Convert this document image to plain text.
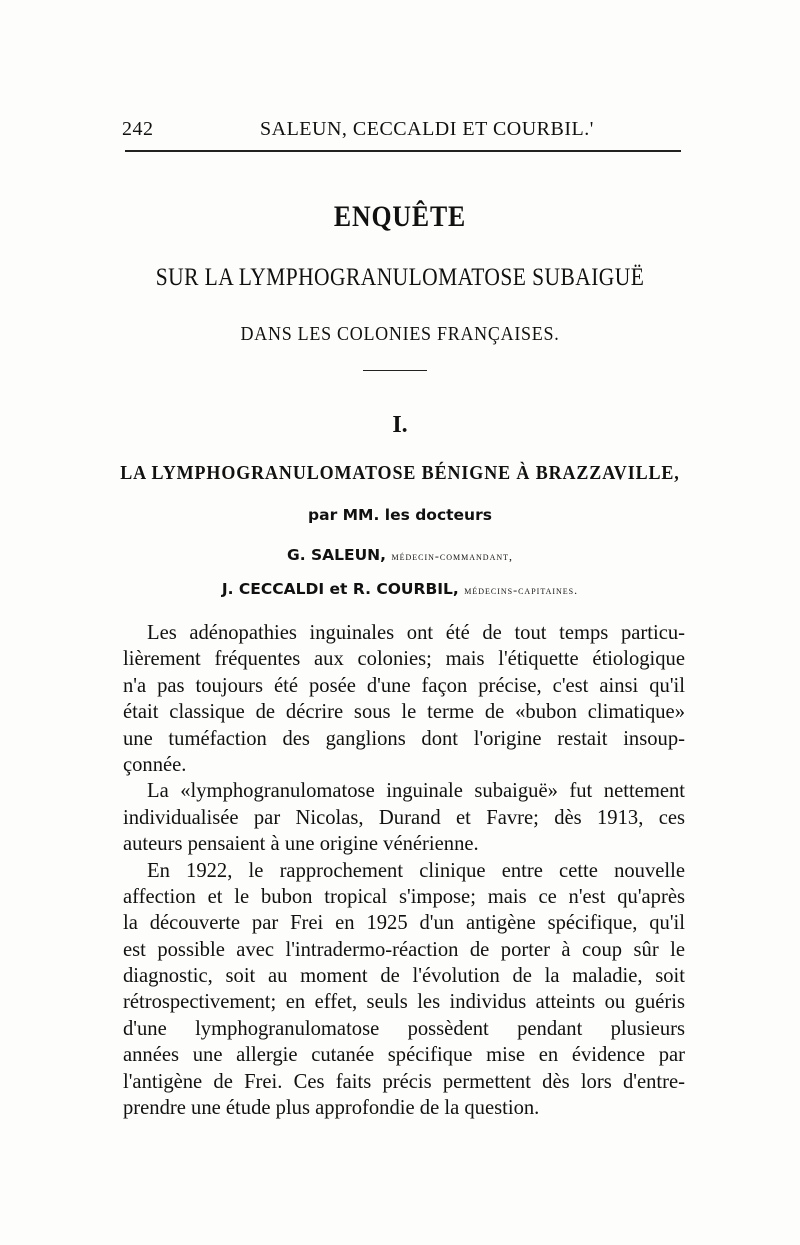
242	SALEUN, CECCALDI ET COURBIL.'
ENQUÊTE
SUR LA LYMPHOGRANULOMATOSE SUBAIGUË
DANS LES COLONIES FRANÇAISES.
I.
LA LYMPHOGRANULOMATOSE BÉNIGNE À BRAZZAVILLE,
par MM. les docteurs
G. SALEUN, médecin-commandant,
J. CECCALDI et R. COURBIL, médecins-capitaines.
Les adénopathies inguinales ont été de tout temps particu-
lièrement fréquentes aux colonies; mais l'étiquette étiologique
n'a pas toujours été posée d'une façon précise, c'est ainsi qu'il
était classique de décrire sous le terme de «bubon climatique»
une tuméfaction des ganglions dont l'origine restait insoup-
çonnée.
La «lymphogranulomatose inguinale subaiguë» fut nettement
individualisée par Nicolas, Durand et Favre; dès 1913, ces
auteurs pensaient à une origine vénérienne.
En 1922, le rapprochement clinique entre cette nouvelle
affection et le bubon tropical s'impose; mais ce n'est qu'après
la découverte par Frei en 1925 d'un antigène spécifique, qu'il
est possible avec l'intradermo-réaction de porter à coup sûr le
diagnostic, soit au moment de l'évolution de la maladie, soit
rétrospectivement; en effet, seuls les individus atteints ou guéris
d'une lymphogranulomatose possèdent pendant plusieurs
années une allergie cutanée spécifique mise en évidence par
l'antigène de Frei. Ces faits précis permettent dès lors d'entre-
prendre une étude plus approfondie de la question.
